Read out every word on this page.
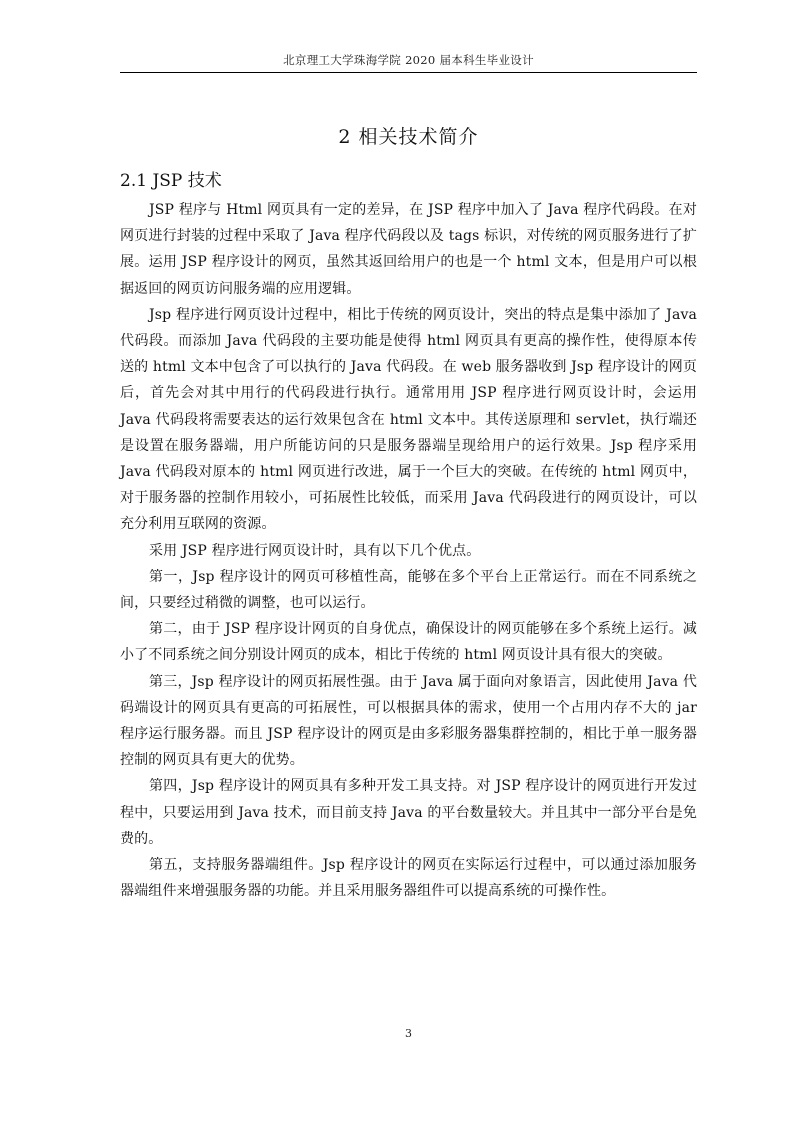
北京理工大学珠海学院 2020 届本科生毕业设计
2 相关技术简介
2.1 JSP 技术

JSP 程序与 Html 网页具有一定的差异，在 JSP 程序中加入了 Java 程序代码段。在对网页进行封装的过程中采取了 Java 程序代码段以及 tags 标识，对传统的网页服务进行了扩展。运用 JSP 程序设计的网页，虽然其返回给用户的也是一个 html 文本，但是用户可以根据返回的网页访问服务端的应用逻辑。

Jsp 程序进行网页设计过程中，相比于传统的网页设计，突出的特点是集中添加了 Java 代码段。而添加 Java 代码段的主要功能是使得 html 网页具有更高的操作性，使得原本传送的 html 文本中包含了可以执行的 Java 代码段。在 web 服务器收到 Jsp 程序设计的网页后，首先会对其中用行的代码段进行执行。通常用用 JSP 程序进行网页设计时，会运用 Java 代码段将需要表达的运行效果包含在 html 文本中。其传送原理和 servlet，执行端还是设置在服务器端，用户所能访问的只是服务器端呈现给用户的运行效果。Jsp 程序采用 Java 代码段对原本的 html 网页进行改进，属于一个巨大的突破。在传统的 html 网页中，对于服务器的控制作用较小，可拓展性比较低，而采用 Java 代码段进行的网页设计，可以充分利用互联网的资源。

采用 JSP 程序进行网页设计时，具有以下几个优点。

第一，Jsp 程序设计的网页可移植性高，能够在多个平台上正常运行。而在不同系统之间，只要经过稍微的调整，也可以运行。

第二，由于 JSP 程序设计网页的自身优点，确保设计的网页能够在多个系统上运行。减小了不同系统之间分别设计网页的成本，相比于传统的 html 网页设计具有很大的突破。

第三，Jsp 程序设计的网页拓展性强。由于 Java 属于面向对象语言，因此使用 Java 代码端设计的网页具有更高的可拓展性，可以根据具体的需求，使用一个占用内存不大的 jar 程序运行服务器。而且 JSP 程序设计的网页是由多彩服务器集群控制的，相比于单一服务器控制的网页具有更大的优势。

第四，Jsp 程序设计的网页具有多种开发工具支持。对 JSP 程序设计的网页进行开发过程中，只要运用到 Java 技术，而目前支持 Java 的平台数量较大。并且其中一部分平台是免费的。

第五，支持服务器端组件。Jsp 程序设计的网页在实际运行过程中，可以通过添加服务器端组件来增强服务器的功能。并且采用服务器组件可以提高系统的可操作性。

3
